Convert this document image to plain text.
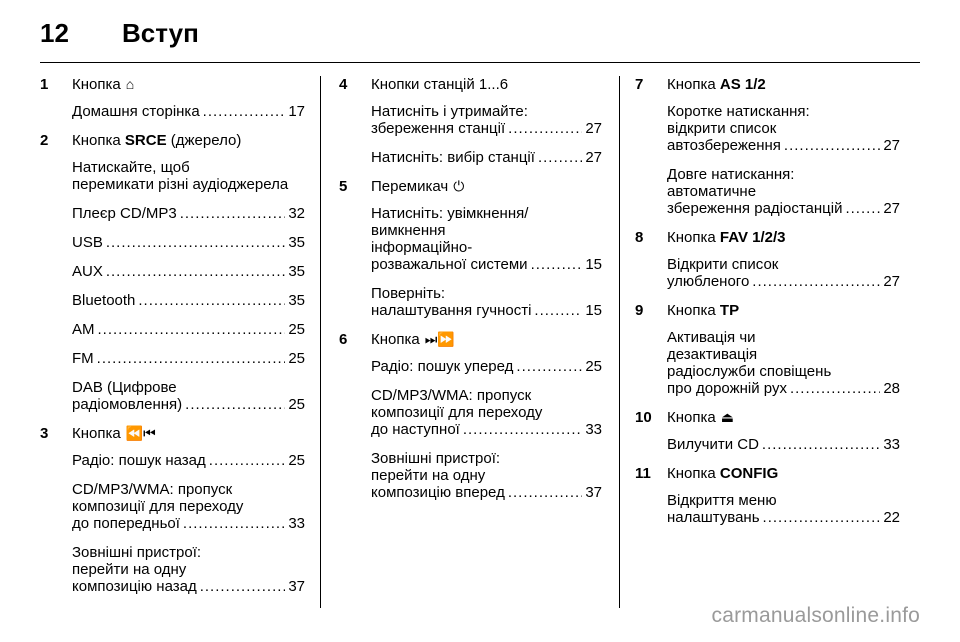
12 Вступ
1	Кнопка ⌂
Домашня сторінка .....	17
2	Кнопка SRCE (джерело)
Натискайте, щоб
перемикати різні аудіоджерела
Плеєр CD/MP3 .....	32
USB .....	35
AUX .....	35
Bluetooth .....	35
AM .....	25
FM .....	25
DAB (Цифрове
радіомовлення) .....	25
3	Кнопка ⏪⏮
Радіо: пошук назад .....	25
CD/MP3/WMA: пропуск
композиції для переходу
до попередньої .....	33
Зовнішні пристрої:
перейти на одну
композицію назад .....	37
4	Кнопки станцій 1...6
Натисніть і утримайте:
збереження станції .....	27
Натисніть: вибір станції .....	27
5	Перемикач ⏻
Натисніть: увімкнення/
вимкнення
інформаційно-
розважальної системи .....	15
Поверніть:
налаштування гучності .....	15
6	Кнопка ⏭⏩
Радіо: пошук уперед .....	25
CD/MP3/WMA: пропуск
композиції для переходу
до наступної .....	33
Зовнішні пристрої:
перейти на одну
композицію вперед .....	37
7	Кнопка AS 1/2
Коротке натискання:
відкрити список
автозбереження .....	27
Довге натискання:
автоматичне
збереження радіостанцій .....	27
8	Кнопка FAV 1/2/3
Відкрити список
улюбленого .....	27
9	Кнопка TP
Активація чи
дезактивація
радіослужби сповіщень
про дорожній рух .....	28
10	Кнопка ⏏
Вилучити CD .....	33
11	Кнопка CONFIG
Відкриття меню
налаштувань .....	22
carmanualsonline.info
